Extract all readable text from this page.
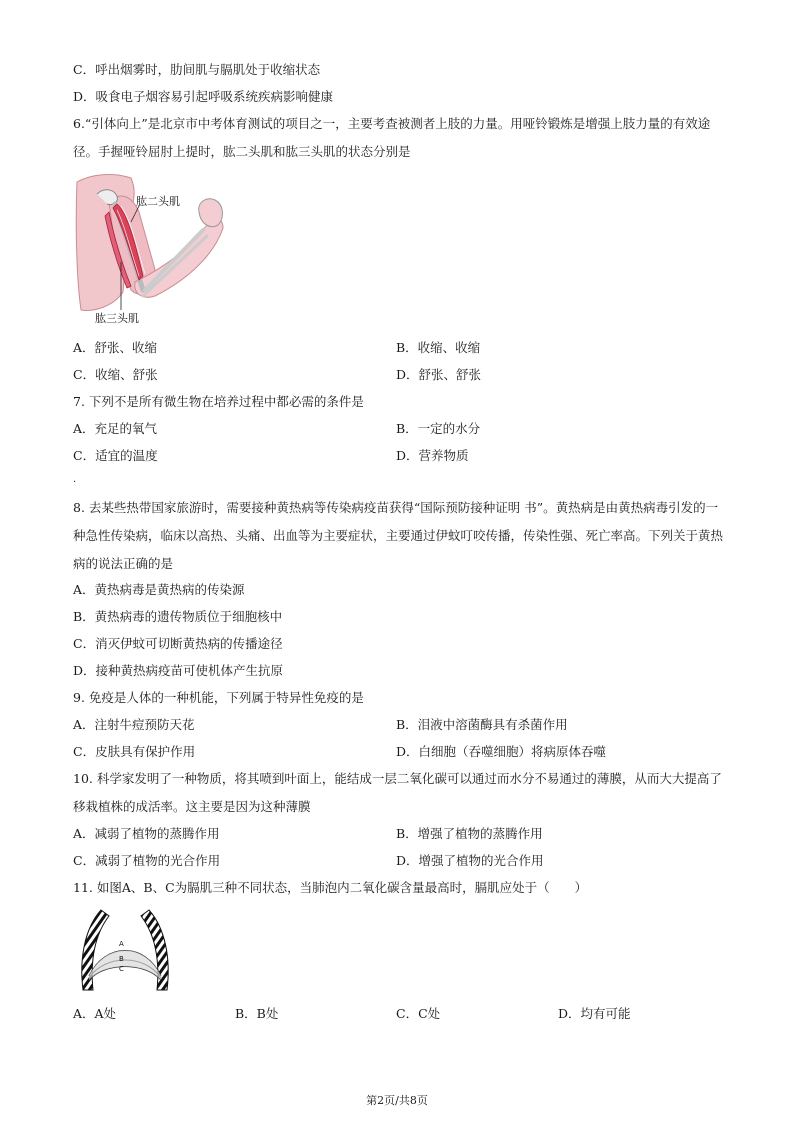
C．呼出烟雾时，肋间肌与膈肌处于收缩状态
D．吸食电子烟容易引起呼吸系统疾病影响健康
6.“引体向上”是北京市中考体育测试的项目之一，主要考查被测者上肢的力量。用哑铃锻炼是增强上肢力量的有效途 径。手握哑铃屈肘上提时，肱二头肌和肱三头肌的状态分别是
肱二头肌
肱三头肌
A．舒张、收缩	B．收缩、收缩
C．收缩、舒张	D．舒张、舒张
7. 下列不是所有微生物在培养过程中都必需的条件是
A．充足的氧气	B．一定的水分
C．适宜的温度	D．营养物质
.
8. 去某些热带国家旅游时，需要接种黄热病等传染病疫苗获得“国际预防接种证明 书”。黄热病是由黄热病毒引发的一种急性传染病，临床以高热、头痛、出血等为主要症状，主要通过伊蚊叮咬传播，传染性强、死亡率高。下列关于黄热病的说法正确的是
A．黄热病毒是黄热病的传染源
B．黄热病毒的遗传物质位于细胞核中
C．消灭伊蚊可切断黄热病的传播途径
D．接种黄热病疫苗可使机体产生抗原
9. 免疫是人体的一种机能，下列属于特异性免疫的是
A．注射牛痘预防天花	B．泪液中溶菌酶具有杀菌作用
C．皮肤具有保护作用	D．白细胞（吞噬细胞）将病原体吞噬
10. 科学家发明了一种物质，将其喷到叶面上，能结成一层二氧化碳可以通过而水分不易通过的薄膜，从而大大提高了移栽植株的成活率。这主要是因为这种薄膜
A．减弱了植物的蒸腾作用	B．增强了植物的蒸腾作用
C．减弱了植物的光合作用	D．增强了植物的光合作用
11. 如图A、B、C为膈肌三种不同状态，当肺泡内二氧化碳含量最高时，膈肌应处于（　　）
A
B
C
A．A处	B．B处	C．C处	D．均有可能
第2页/共8页
